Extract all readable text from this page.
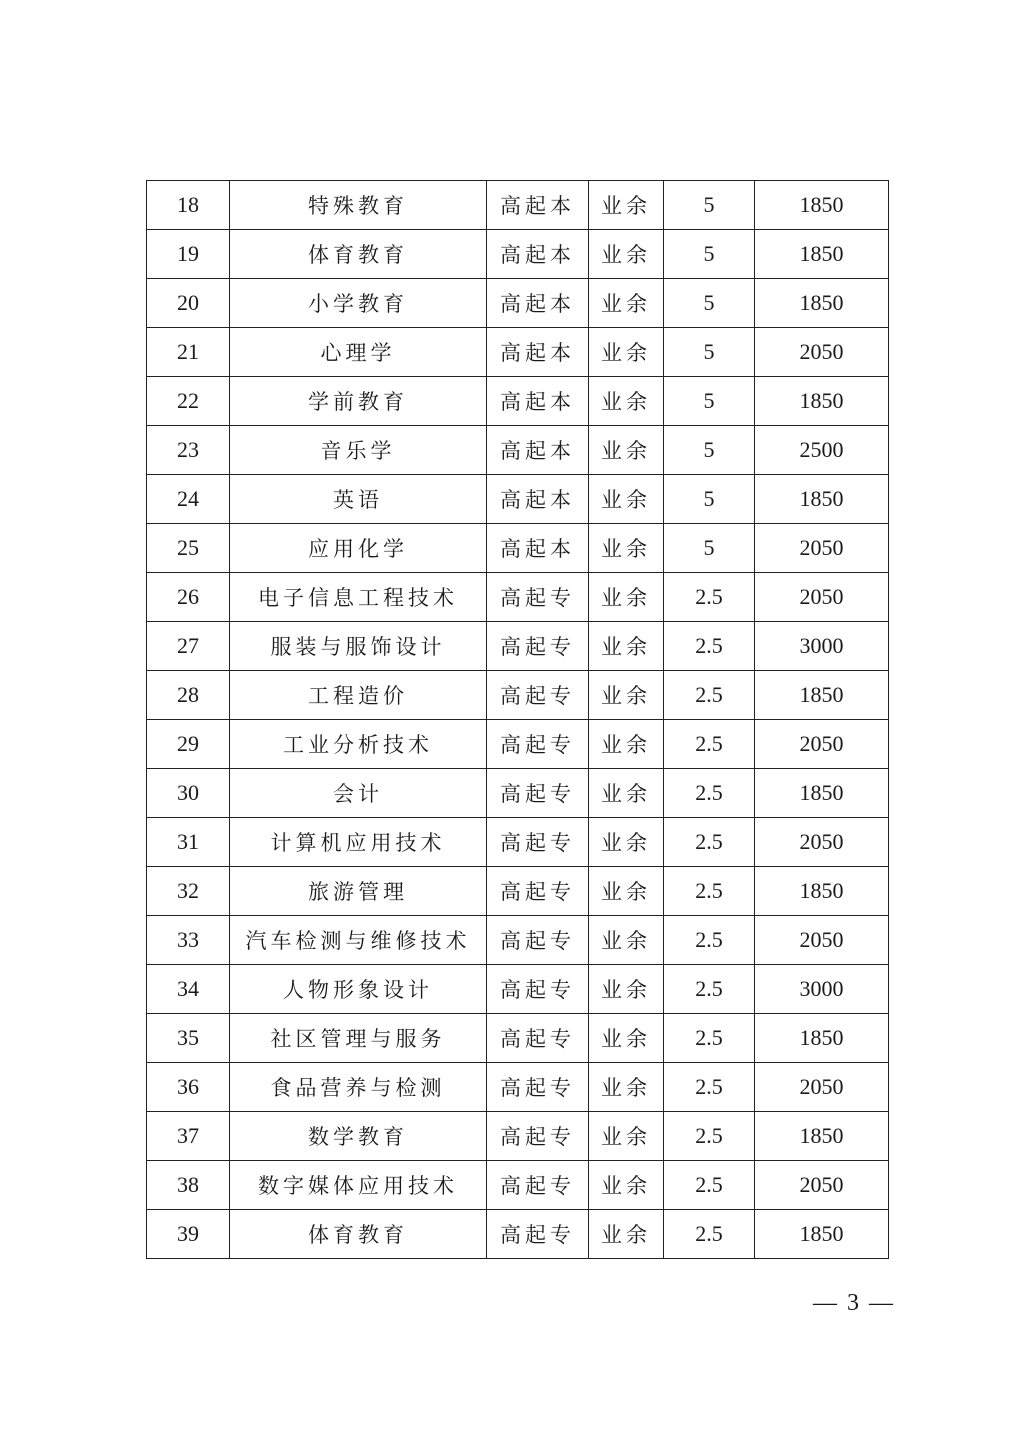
18	特殊教育	高起本	业余	5	1850
19	体育教育	高起本	业余	5	1850
20	小学教育	高起本	业余	5	1850
21	心理学	高起本	业余	5	2050
22	学前教育	高起本	业余	5	1850
23	音乐学	高起本	业余	5	2500
24	英语	高起本	业余	5	1850
25	应用化学	高起本	业余	5	2050
26	电子信息工程技术	高起专	业余	2.5	2050
27	服装与服饰设计	高起专	业余	2.5	3000
28	工程造价	高起专	业余	2.5	1850
29	工业分析技术	高起专	业余	2.5	2050
30	会计	高起专	业余	2.5	1850
31	计算机应用技术	高起专	业余	2.5	2050
32	旅游管理	高起专	业余	2.5	1850
33	汽车检测与维修技术	高起专	业余	2.5	2050
34	人物形象设计	高起专	业余	2.5	3000
35	社区管理与服务	高起专	业余	2.5	1850
36	食品营养与检测	高起专	业余	2.5	2050
37	数学教育	高起专	业余	2.5	1850
38	数字媒体应用技术	高起专	业余	2.5	2050
39	体育教育	高起专	业余	2.5	1850
— 3 —
